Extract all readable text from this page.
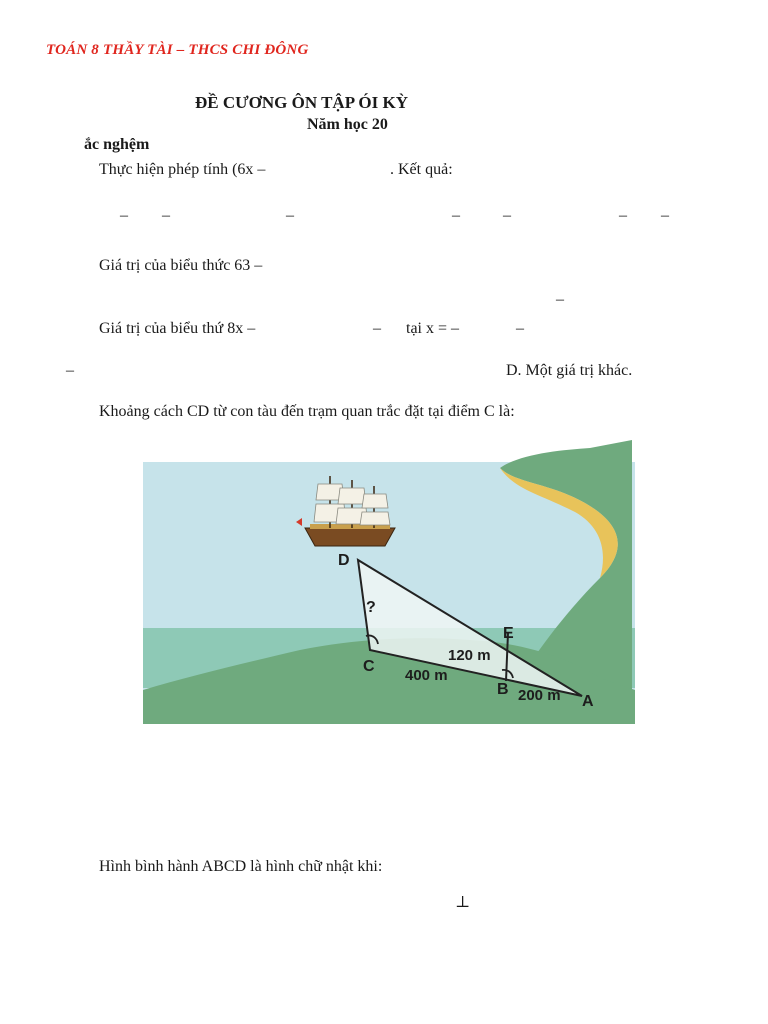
TOÁN 8 THẦY TÀI – THCS CHI ĐÔNG
ĐỀ CƯƠNG ÔN TẬP ÓI KỲ
Năm học 20
ắc nghệm
Thực hiện phép tính (6x –	. Kết quả:
– –	–	–	–	– –
Giá trị của biểu thức 63 –
–
Giá trị của biểu thứ 8x –	– tại x = –	–
–	D. Một giá trị khác.
Khoảng cách CD từ con tàu đến trạm quan trắc đặt tại điểm C là:
D
C
B
E
A
?
120 m
400 m
200 m
Hình bình hành ABCD là hình chữ nhật khi:
⊥
